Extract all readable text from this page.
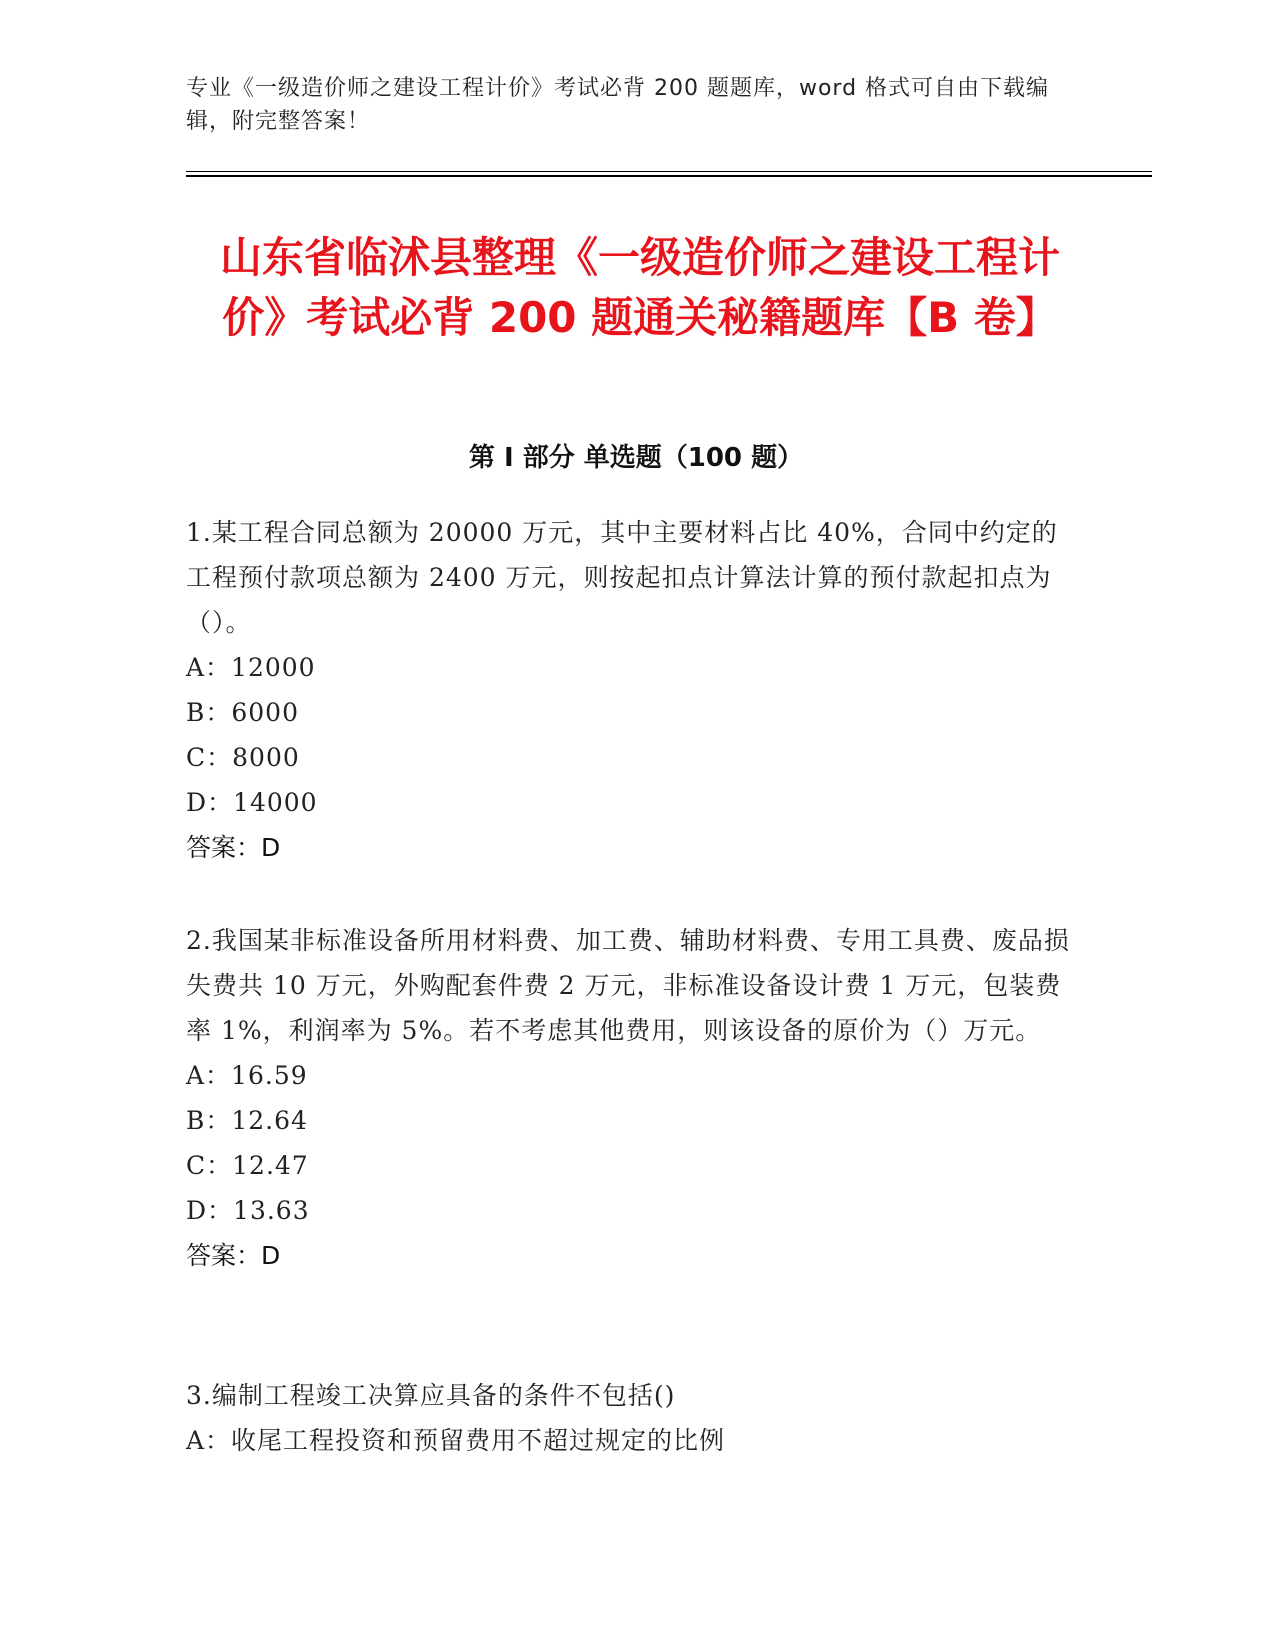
专业《一级造价师之建设工程计价》考试必背 200 题题库，word 格式可自由下载编辑，附完整答案！
山东省临沭县整理《一级造价师之建设工程计价》考试必背 200 题通关秘籍题库【B 卷】
第 I 部分 单选题（100 题）
1.某工程合同总额为 20000 万元，其中主要材料占比 40%，合同中约定的工程预付款项总额为 2400 万元，则按起扣点计算法计算的预付款起扣点为（）。
A：12000
B：6000
C：8000
D：14000
答案：D
2.我国某非标准设备所用材料费、加工费、辅助材料费、专用工具费、废品损失费共 10 万元，外购配套件费 2 万元，非标准设备设计费 1 万元，包装费率 1%，利润率为 5%。若不考虑其他费用，则该设备的原价为（）万元。
A：16.59
B：12.64
C：12.47
D：13.63
答案：D
3.编制工程竣工决算应具备的条件不包括()
A：收尾工程投资和预留费用不超过规定的比例
